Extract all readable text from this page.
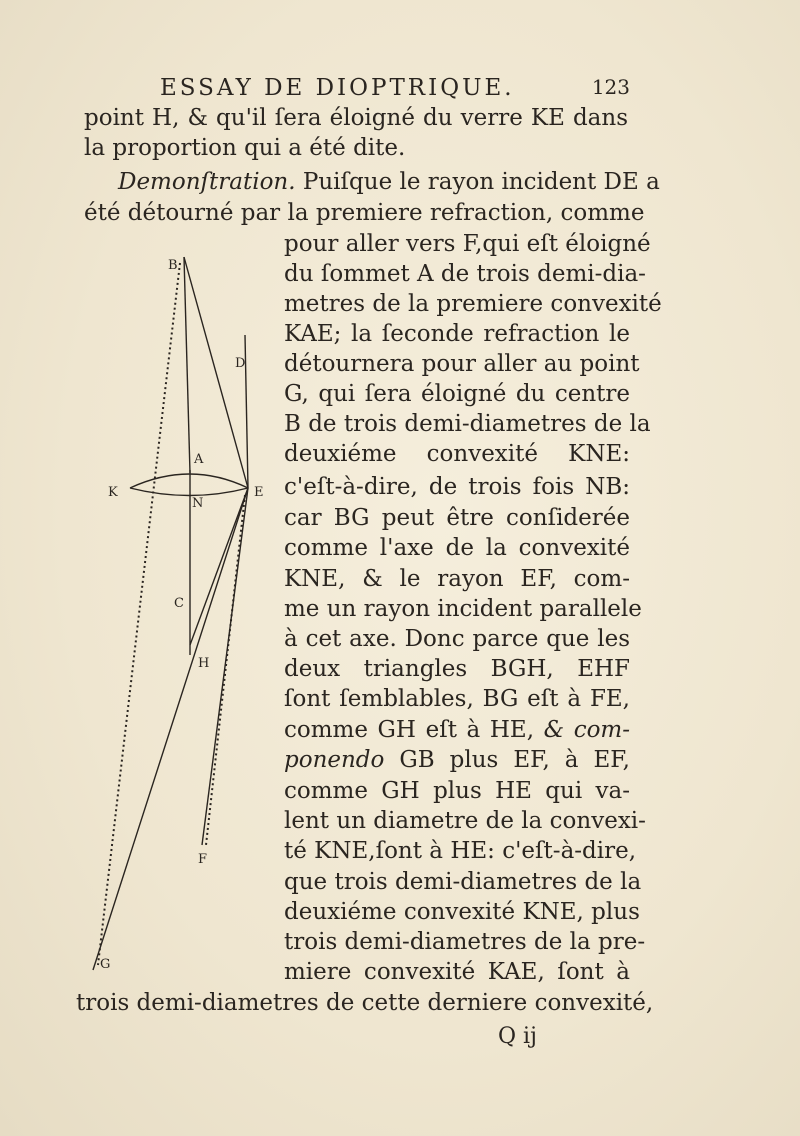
ESSAY DE DIOPTRIQUE.	123
point H, & qu'il ſera éloigné du verre KE dans
la proportion qui a été dite.
Demonſtration. Puiſque le rayon incident DE a
été détourné par la premiere refraction, comme
pour aller vers F,qui eſt éloigné
du ſommet A de trois demi-dia-
metres de la premiere convexité
KAE; la ſeconde refraction le
détournera pour aller au point
G, qui ſera éloigné du centre
B de trois demi-diametres de la
deuxiéme convexité KNE:
c'eſt-à-dire, de trois fois NB:
car BG peut être conſiderée
comme l'axe de la convexité
KNE, & le rayon EF, com-
me un rayon incident parallele
à cet axe. Donc parce que les
deux triangles BGH, EHF
ſont ſemblables, BG eſt à FE,
comme GH eſt à HE, & com-
ponendo GB plus EF, à EF,
comme GH plus HE qui va-
lent un diametre de la convexi-
té KNE,ſont à HE: c'eſt-à-dire,
que trois demi-diametres de la
deuxiéme convexité KNE, plus
trois demi-diametres de la pre-
miere convexité KAE, ſont à
trois demi-diametres de cette derniere convexité,
Q ij
B
D
A
K	E
N
C
H
F
G
